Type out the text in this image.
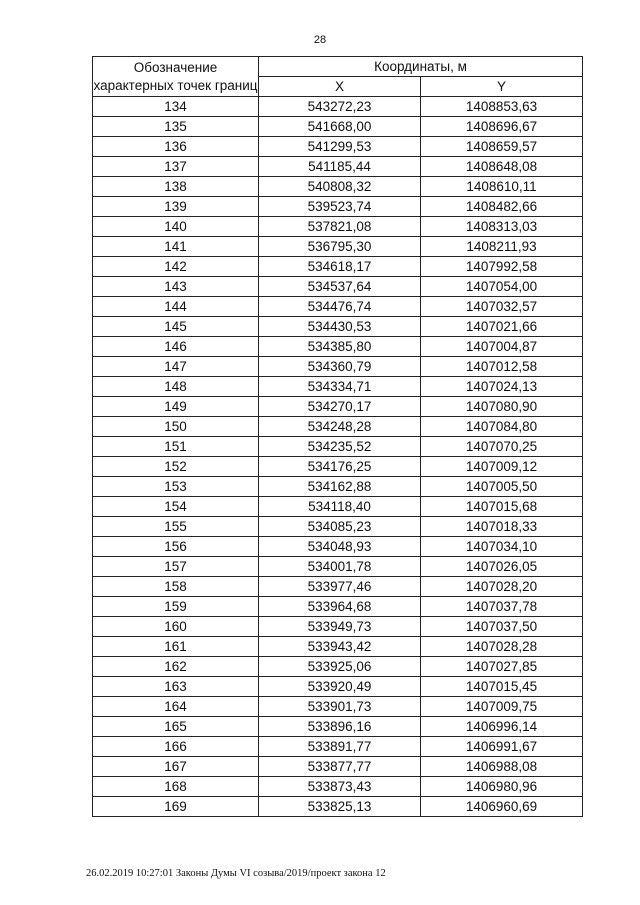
28
Обозначение характерных точек границ	Координаты, м	
	X	Y
134	543272,23	1408853,63
135	541668,00	1408696,67
136	541299,53	1408659,57
137	541185,44	1408648,08
138	540808,32	1408610,11
139	539523,74	1408482,66
140	537821,08	1408313,03
141	536795,30	1408211,93
142	534618,17	1407992,58
143	534537,64	1407054,00
144	534476,74	1407032,57
145	534430,53	1407021,66
146	534385,80	1407004,87
147	534360,79	1407012,58
148	534334,71	1407024,13
149	534270,17	1407080,90
150	534248,28	1407084,80
151	534235,52	1407070,25
152	534176,25	1407009,12
153	534162,88	1407005,50
154	534118,40	1407015,68
155	534085,23	1407018,33
156	534048,93	1407034,10
157	534001,78	1407026,05
158	533977,46	1407028,20
159	533964,68	1407037,78
160	533949,73	1407037,50
161	533943,42	1407028,28
162	533925,06	1407027,85
163	533920,49	1407015,45
164	533901,73	1407009,75
165	533896,16	1406996,14
166	533891,77	1406991,67
167	533877,77	1406988,08
168	533873,43	1406980,96
169	533825,13	1406960,69
26.02.2019 10:27:01 Законы Думы VI созыва/2019/проект закона 12
